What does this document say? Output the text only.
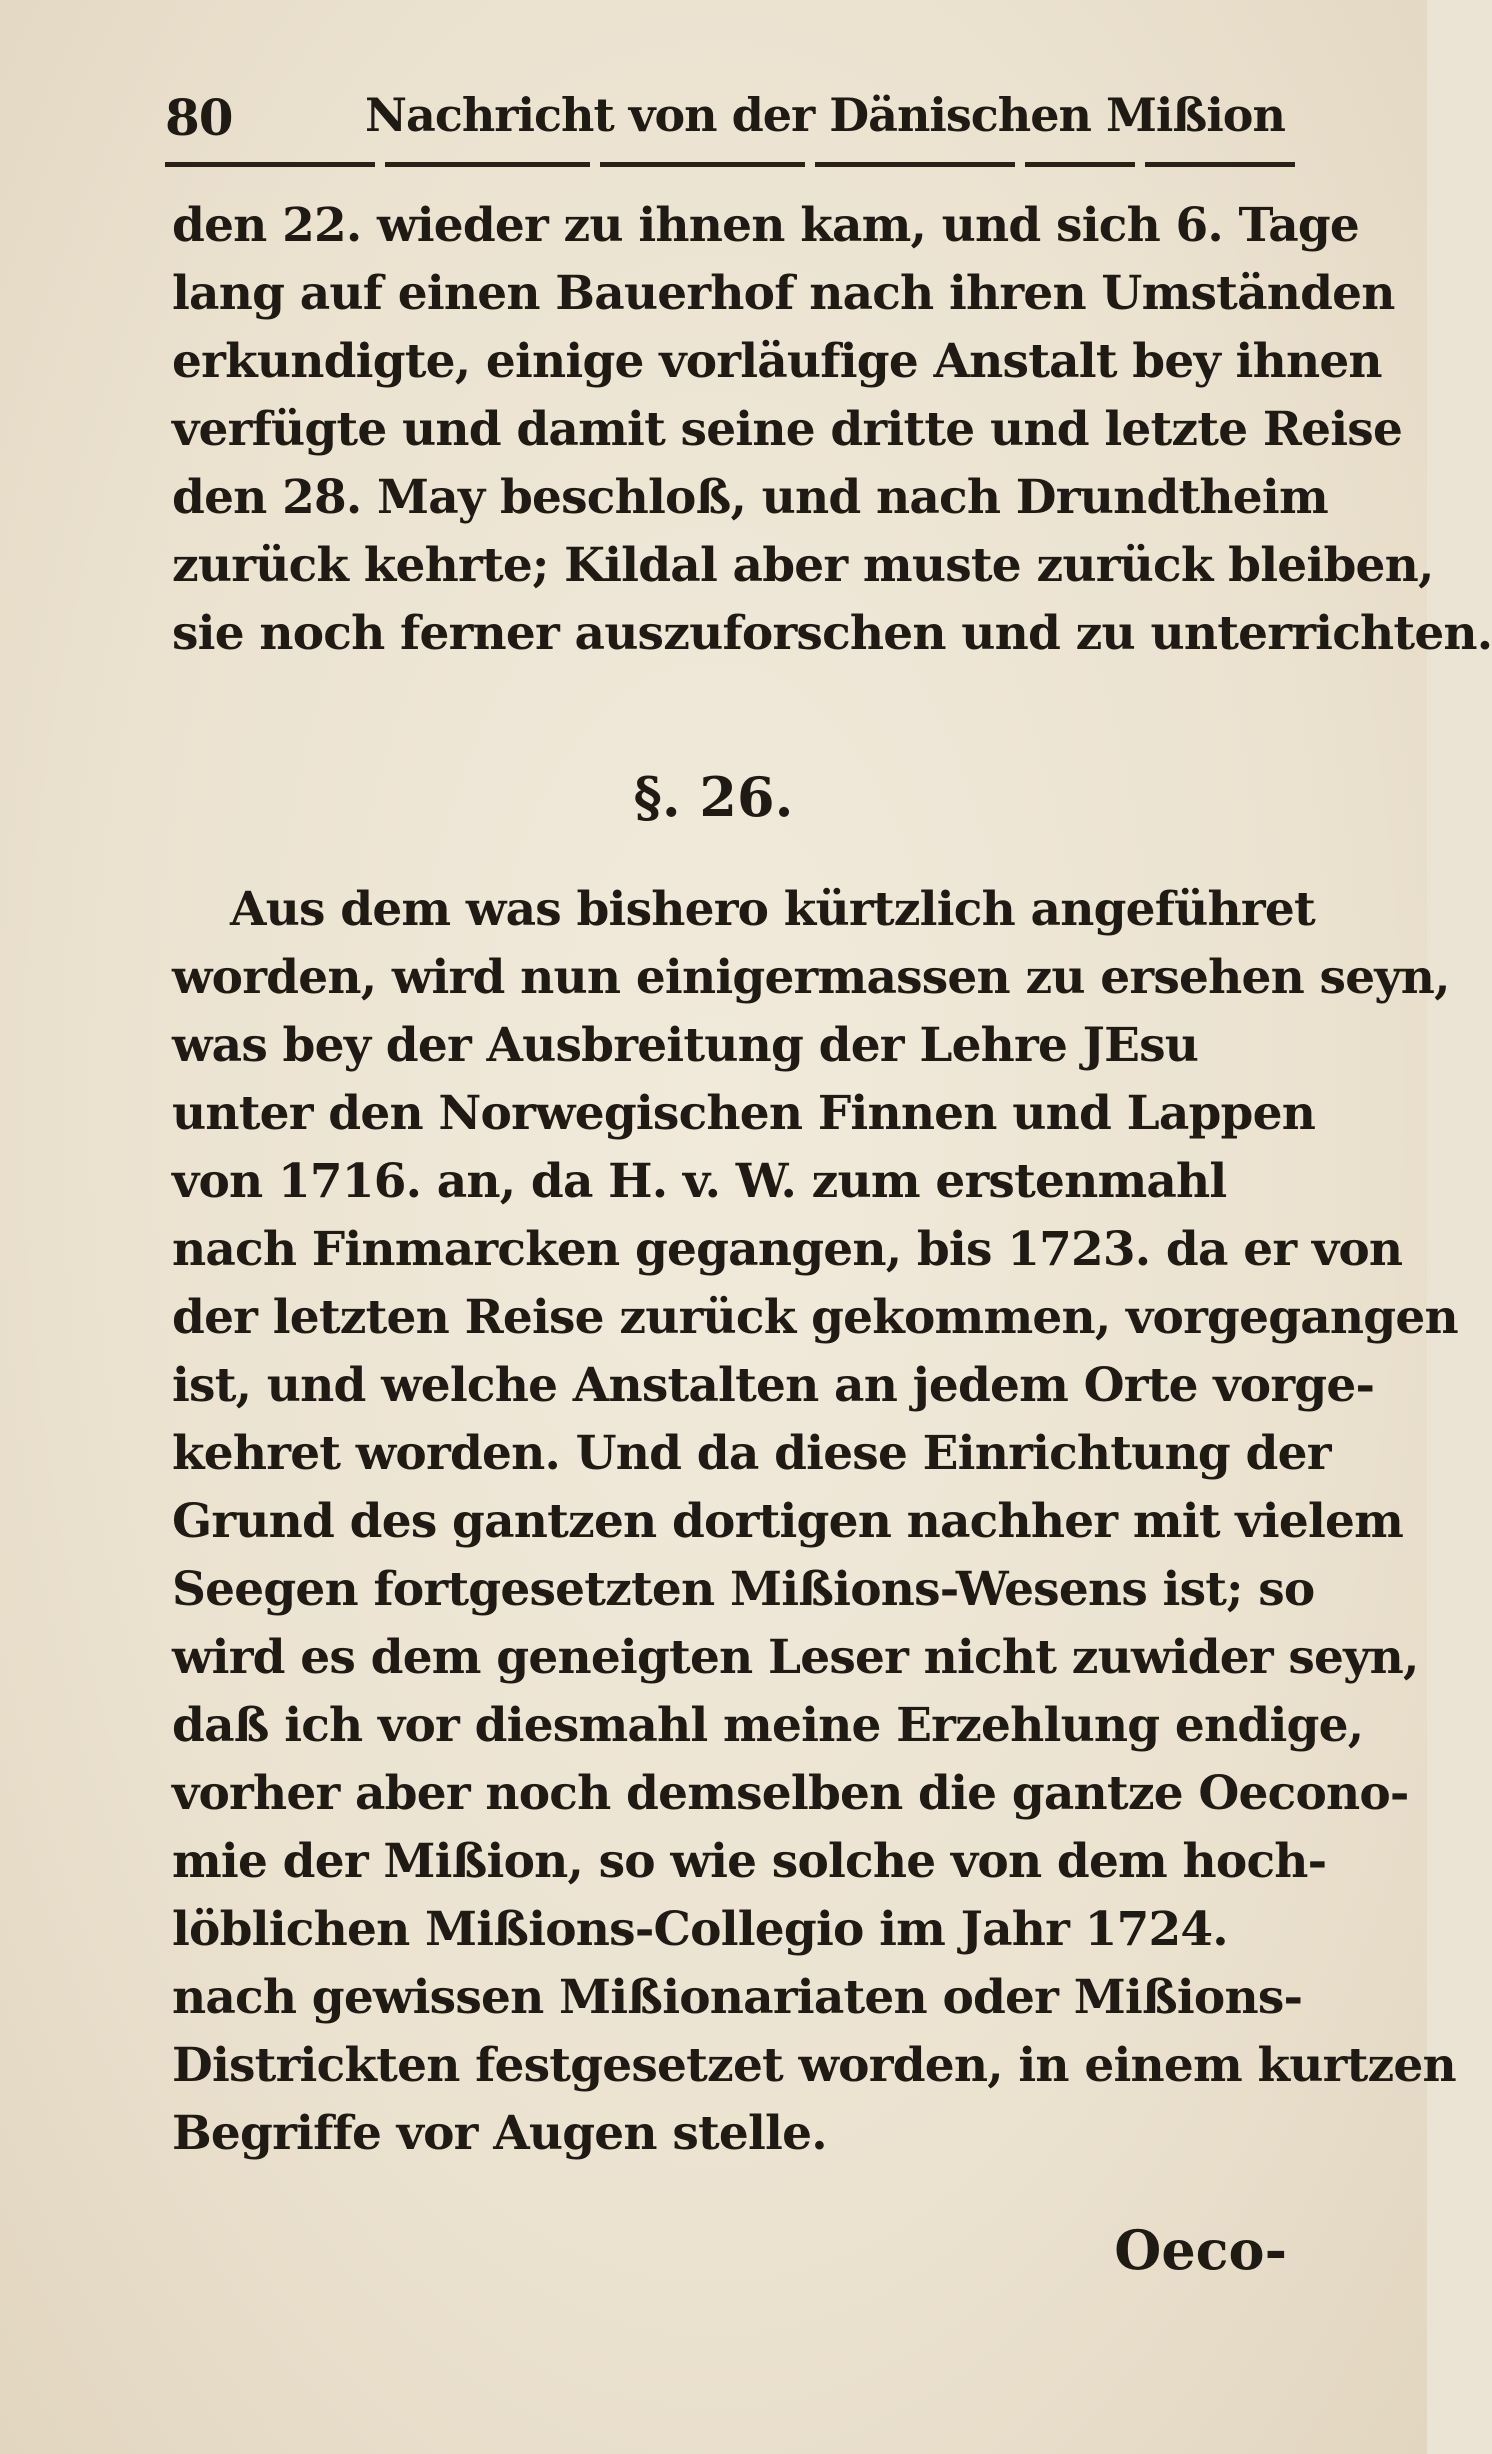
80	Nachricht von der Dänischen Mißion
den 22. wieder zu ihnen kam, und sich 6. Tage
lang auf einen Bauerhof nach ihren Umständen
erkundigte, einige vorläufige Anstalt bey ihnen
verfügte und damit seine dritte und letzte Reise
den 28. May beschloß, und nach Drundtheim
zurück kehrte; Kildal aber muste zurück bleiben,
sie noch ferner auszuforschen und zu unterrichten.
§. 26.
Aus dem was bishero kürtzlich angeführet
worden, wird nun einigermassen zu ersehen seyn,
was bey der Ausbreitung der Lehre JEsu
unter den Norwegischen Finnen und Lappen
von 1716. an, da H. v. W. zum erstenmahl
nach Finmarcken gegangen, bis 1723. da er von
der letzten Reise zurück gekommen, vorgegangen
ist, und welche Anstalten an jedem Orte vorge-
kehret worden. Und da diese Einrichtung der
Grund des gantzen dortigen nachher mit vielem
Seegen fortgesetzten Mißions-Wesens ist; so
wird es dem geneigten Leser nicht zuwider seyn,
daß ich vor diesmahl meine Erzehlung endige,
vorher aber noch demselben die gantze Oecono-
mie der Mißion, so wie solche von dem hoch-
löblichen Mißions-Collegio im Jahr 1724.
nach gewissen Mißionariaten oder Mißions-
Districkten festgesetzet worden, in einem kurtzen
Begriffe vor Augen stelle.
Oeco-
